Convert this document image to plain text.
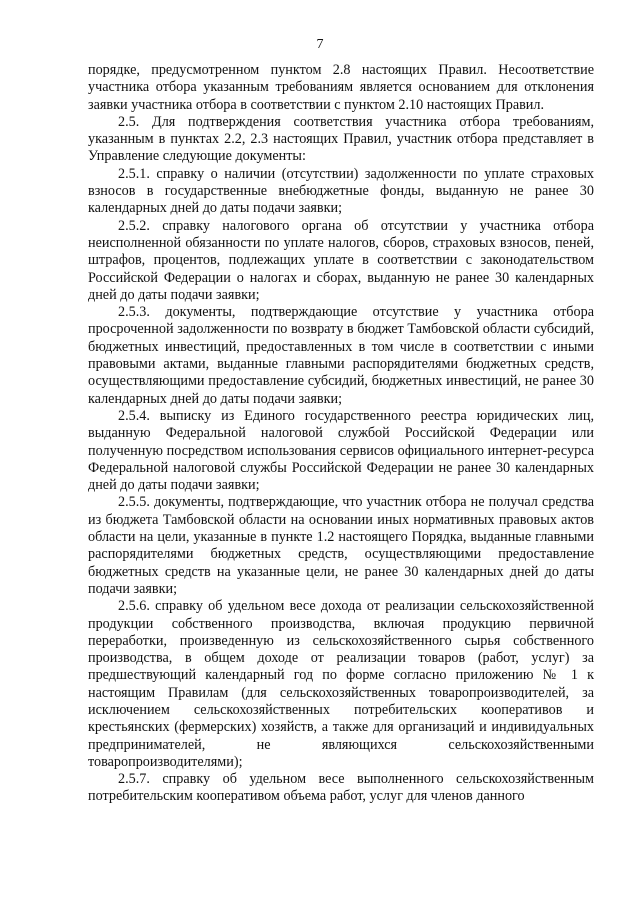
7

порядке, предусмотренном пунктом 2.8 настоящих Правил. Несоответствие участника отбора указанным требованиям является основанием для отклонения заявки участника отбора в соответствии с пунктом 2.10 настоящих Правил.

2.5. Для подтверждения соответствия участника отбора требованиям, указанным в пунктах 2.2, 2.3 настоящих Правил, участник отбора представляет в Управление следующие документы:

2.5.1. справку о наличии (отсутствии) задолженности по уплате страховых взносов в государственные внебюджетные фонды, выданную не ранее 30 календарных дней до даты подачи заявки;

2.5.2. справку налогового органа об отсутствии у участника отбора неисполненной обязанности по уплате налогов, сборов, страховых взносов, пеней, штрафов, процентов, подлежащих уплате в соответствии с законодательством Российской Федерации о налогах и сборах, выданную не ранее 30 календарных дней до даты подачи заявки;

2.5.3. документы, подтверждающие отсутствие у участника отбора просроченной задолженности по возврату в бюджет Тамбовской области субсидий, бюджетных инвестиций, предоставленных в том числе в соответствии с иными правовыми актами, выданные главными распорядителями бюджетных средств, осуществляющими предоставление субсидий, бюджетных инвестиций, не ранее 30 календарных дней до даты подачи заявки;

2.5.4. выписку из Единого государственного реестра юридических лиц, выданную Федеральной налоговой службой Российской Федерации или полученную посредством использования сервисов официального интернет-ресурса Федеральной налоговой службы Российской Федерации не ранее 30 календарных дней до даты подачи заявки;

2.5.5. документы, подтверждающие, что участник отбора не получал средства из бюджета Тамбовской области на основании иных нормативных правовых актов области на цели, указанные в пункте 1.2 настоящего Порядка, выданные главными распорядителями бюджетных средств, осуществляющими предоставление бюджетных средств на указанные цели, не ранее 30 календарных дней до даты подачи заявки;

2.5.6. справку об удельном весе дохода от реализации сельскохозяйственной продукции собственного производства, включая продукцию первичной переработки, произведенную из сельскохозяйственного сырья собственного производства, в общем доходе от реализации товаров (работ, услуг) за предшествующий календарный год по форме согласно приложению № 1 к настоящим Правилам (для сельскохозяйственных товаропроизводителей, за исключением сельскохозяйственных потребительских кооперативов и крестьянских (фермерских) хозяйств, а также для организаций и индивидуальных предпринимателей, не являющихся сельскохозяйственными товаропроизводителями);

2.5.7. справку об удельном весе выполненного сельскохозяйственным потребительским кооперативом объема работ, услуг для членов данного
